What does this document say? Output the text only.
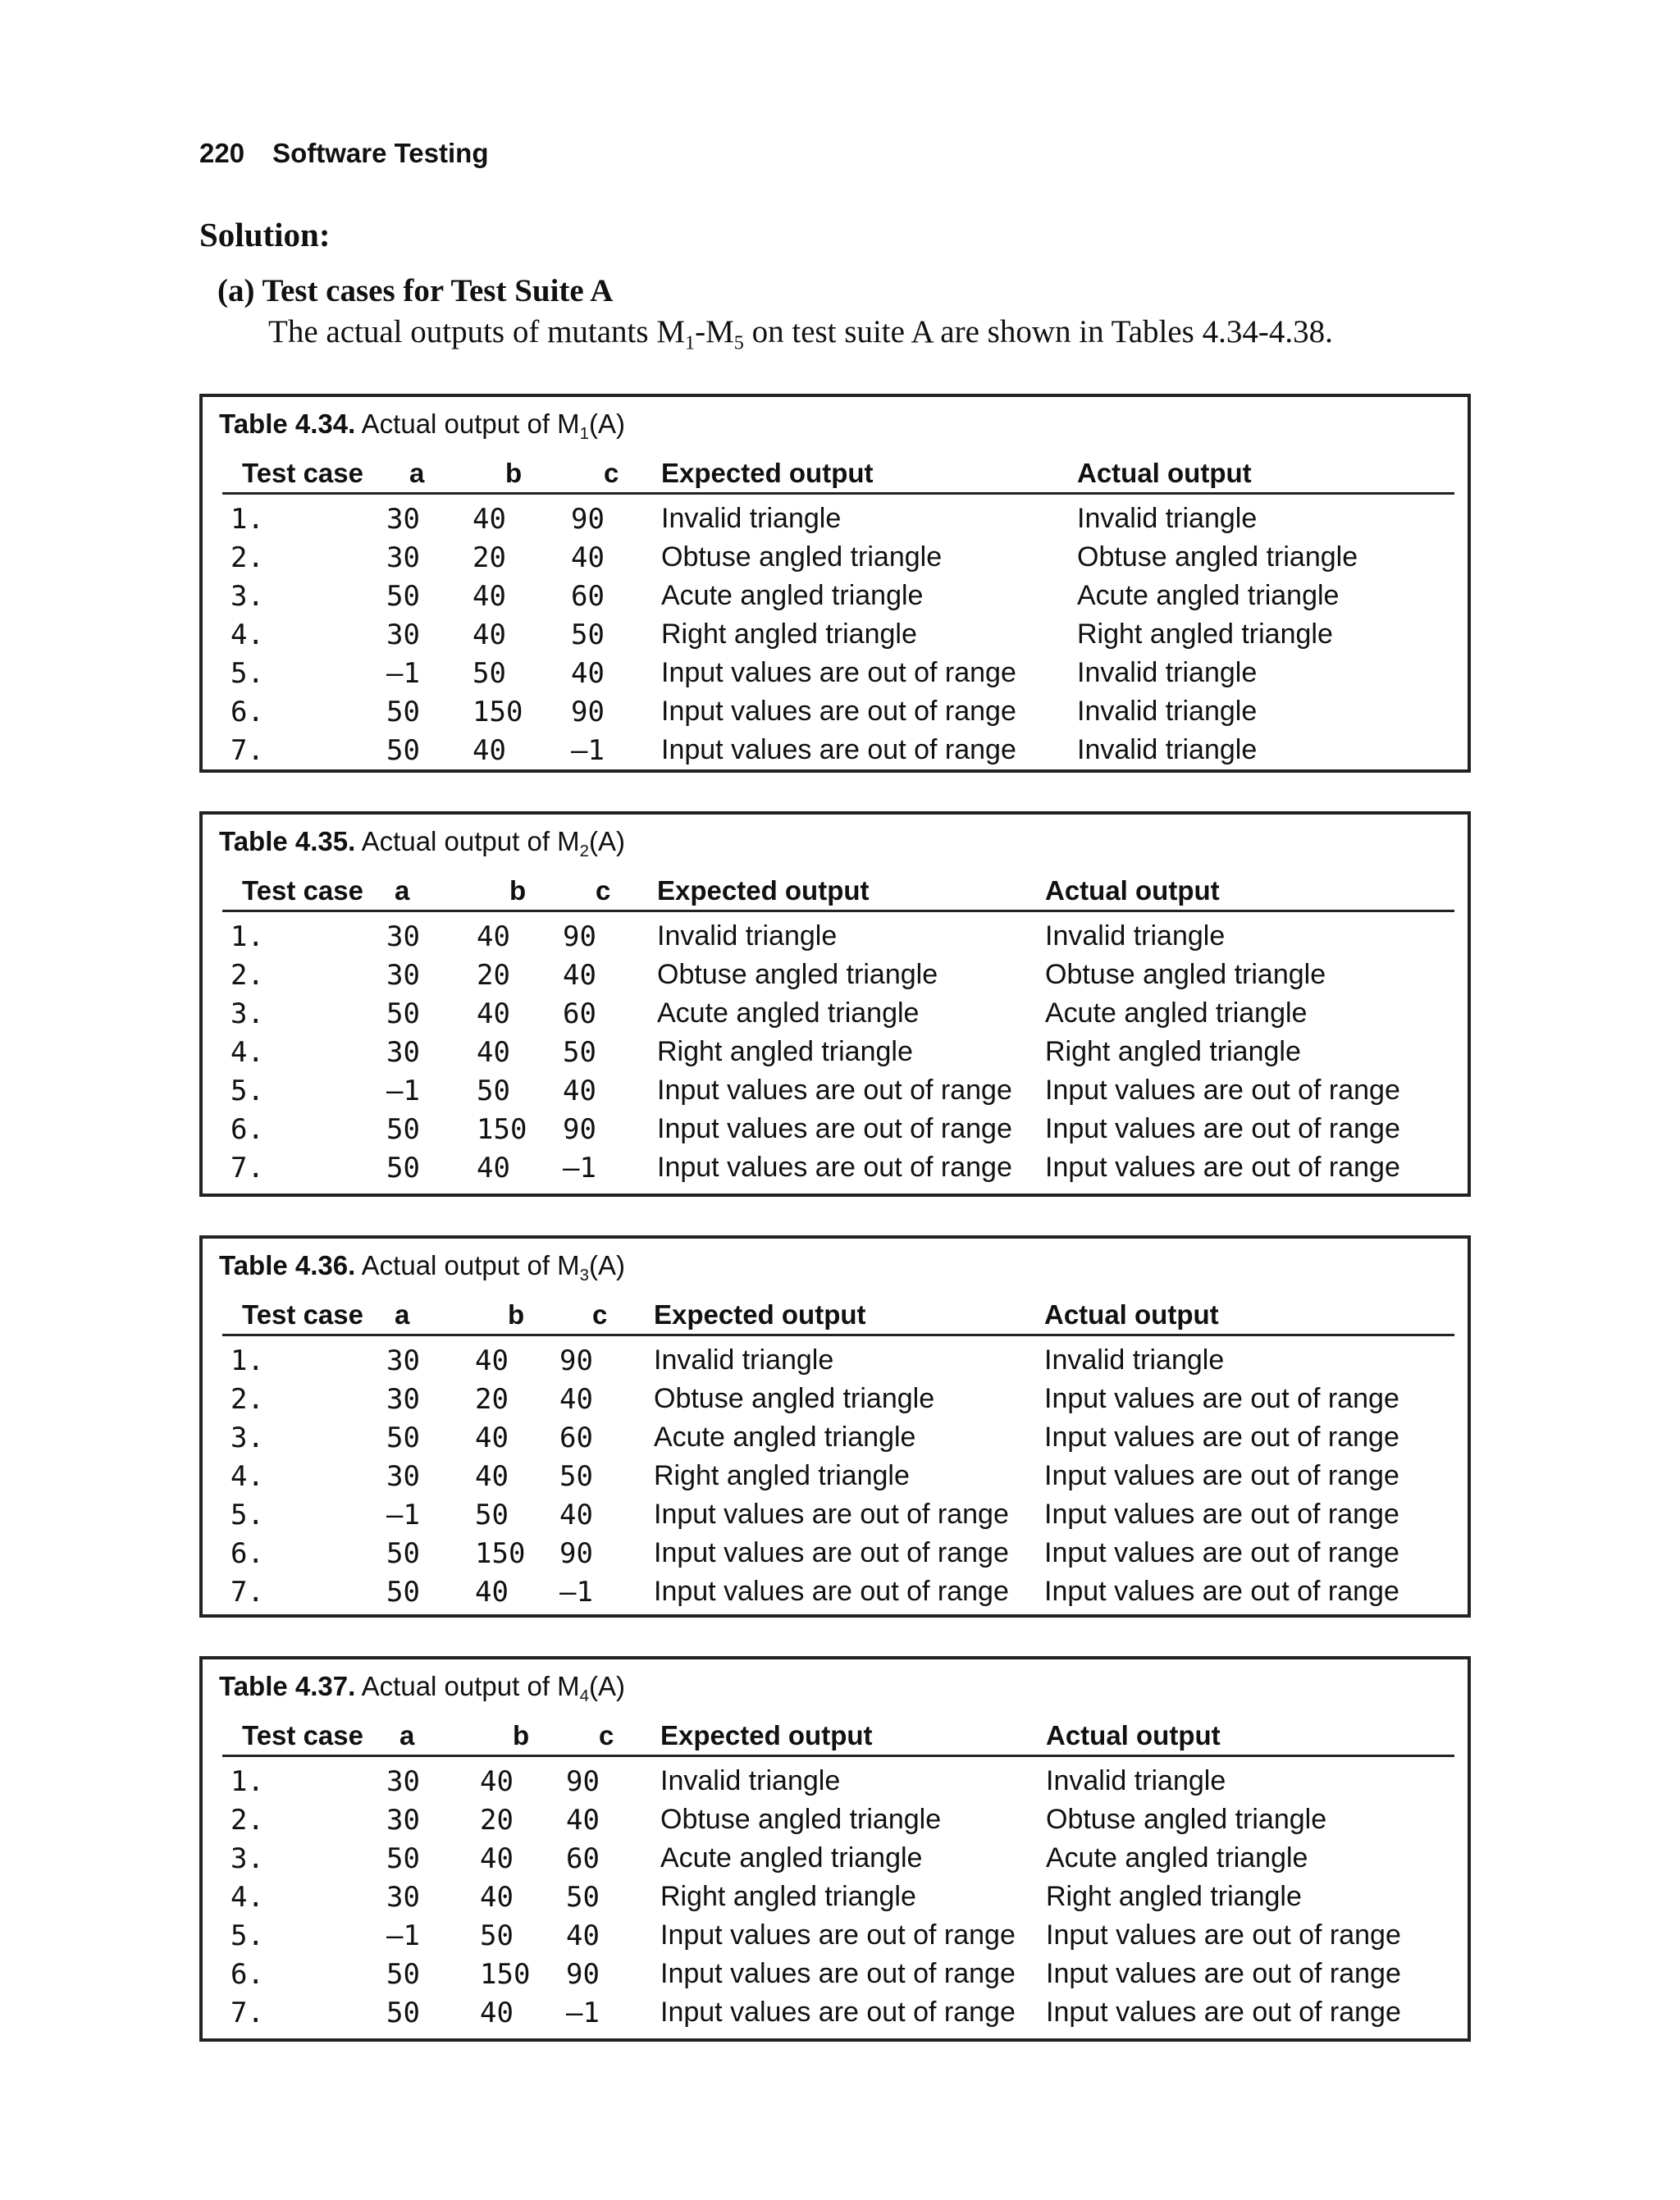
220 Software Testing
Solution:
(a) Test cases for Test Suite A
The actual outputs of mutants $M_1-M_5$ on test suite A are shown in Tables 4.34-4.38.
Table 4.34. Actual output of $M_1(A)$
Test case	a	b	c	Expected output	Actual output
1.	30	40	90	Invalid triangle	Invalid triangle
2.	30	20	40	Obtuse angled triangle	Obtuse angled triangle
3.	50	40	60	Acute angled triangle	Acute angled triangle
4.	30	40	50	Right angled triangle	Right angled triangle
5.	–1	50	40	Input values are out of range	Invalid triangle
6.	50	150	90	Input values are out of range	Invalid triangle
7.	50	40	–1	Input values are out of range	Invalid triangle
Table 4.35. Actual output of $M_2(A)$
Test case	a	b	c	Expected output	Actual output
1.	30	40	90	Invalid triangle	Invalid triangle
2.	30	20	40	Obtuse angled triangle	Obtuse angled triangle
3.	50	40	60	Acute angled triangle	Acute angled triangle
4.	30	40	50	Right angled triangle	Right angled triangle
5.	–1	50	40	Input values are out of range	Input values are out of range
6.	50	150	90	Input values are out of range	Input values are out of range
7.	50	40	–1	Input values are out of range	Input values are out of range
Table 4.36. Actual output of $M_3(A)$
Test case	a	b	c	Expected output	Actual output
1.	30	40	90	Invalid triangle	Invalid triangle
2.	30	20	40	Obtuse angled triangle	Input values are out of range
3.	50	40	60	Acute angled triangle	Input values are out of range
4.	30	40	50	Right angled triangle	Input values are out of range
5.	–1	50	40	Input values are out of range	Input values are out of range
6.	50	150	90	Input values are out of range	Input values are out of range
7.	50	40	–1	Input values are out of range	Input values are out of range
Table 4.37. Actual output of $M_4(A)$
Test case	a	b	c	Expected output	Actual output
1.	30	40	90	Invalid triangle	Invalid triangle
2.	30	20	40	Obtuse angled triangle	Obtuse angled triangle
3.	50	40	60	Acute angled triangle	Acute angled triangle
4.	30	40	50	Right angled triangle	Right angled triangle
5.	–1	50	40	Input values are out of range	Input values are out of range
6.	50	150	90	Input values are out of range	Input values are out of range
7.	50	40	–1	Input values are out of range	Input values are out of range
